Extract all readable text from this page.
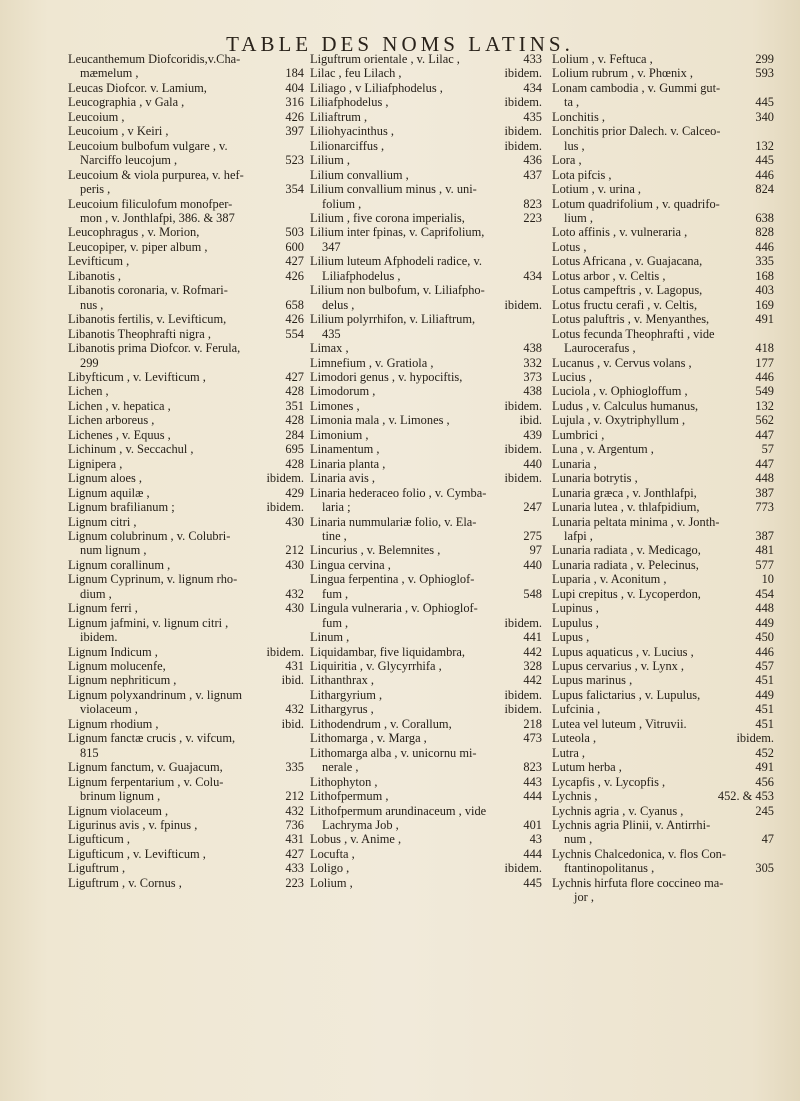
TABLE DES NOMS LATINS.
Leucanthemum Diofcoridis,v.Cha-
mæmelum ,	184
Leucas Diofcor. v. Lamium,	404
Leucographia , v Gala ,	316
Leucoium ,	426
Leucoium , v Keiri ,	397
Leucoium bulbofum vulgare , v.
Narciffo leucojum ,	523
Leucoium & viola purpurea, v. hef-
peris ,	354
Leucoium filiculofum monofper-
mon , v. Jonthlafpi, 386. & 387
Leucophragus , v. Morion,	503
Leucopiper, v. piper album ,	600
Levifticum ,	427
Libanotis ,	426
Libanotis coronaria, v. Rofmari-
nus ,	658
Libanotis fertilis, v. Levifticum,	426
Libanotis Theophrafti nigra ,	554
Libanotis prima Diofcor. v. Ferula,
299
Libyfticum , v. Levifticum ,	427
Lichen ,	428
Lichen , v. hepatica ,	351
Lichen arboreus ,	428
Lichenes , v. Equus ,	284
Lichinum , v. Seccachul ,	695
Lignipera ,	428
Lignum aloes ,	ibidem.
Lignum aquilæ ,	429
Lignum brafilianum ;	ibidem.
Lignum citri ,	430
Lignum colubrinum , v. Colubri-
num lignum ,	212
Lignum corallinum ,	430
Lignum Cyprinum, v. lignum rho-
dium ,	432
Lignum ferri ,	430
Lignum jafmini, v. lignum citri ,
ibidem.
Lignum Indicum ,	ibidem.
Lignum molucenfe,	431
Lignum nephriticum ,	ibid.
Lignum polyxandrinum , v. lignum
violaceum ,	432
Lignum rhodium ,	ibid.
Lignum fanctæ crucis , v. vifcum,
815
Lignum fanctum, v. Guajacum,	335
Lignum ferpentarium , v. Colu-
brinum lignum ,	212
Lignum violaceum ,	432
Ligurinus avis , v. fpinus ,	736
Ligufticum ,	431
Ligufticum , v. Levifticum ,	427
Liguftrum ,	433
Liguftrum , v. Cornus ,	223
Liguftrum orientale , v. Lilac ,	433
Lilac , feu Lilach ,	ibidem.
Liliago , v Liliafphodelus ,	434
Liliafphodelus ,	ibidem.
Liliaftrum ,	435
Liliohyacinthus ,	ibidem.
Lilionarciffus ,	ibidem.
Lilium ,	436
Lilium convallium ,	437
Lilium convallium minus , v. uni-
folium ,	823
Lilium , five corona imperialis,	223
Lilium inter fpinas, v. Caprifolium,
347
Lilium luteum Afphodeli radice, v.
Liliafphodelus ,	434
Lilium non bulbofum, v. Liliafpho-
delus ,	ibidem.
Lilium polyrrhifon, v. Liliaftrum,
435
Limax ,	438
Limnefium , v. Gratiola ,	332
Limodori genus , v. hypociftis,	373
Limodorum ,	438
Limones ,	ibidem.
Limonia mala , v. Limones ,	ibid.
Limonium ,	439
Linamentum ,	ibidem.
Linaria planta ,	440
Linaria avis ,	ibidem.
Linaria hederaceo folio , v. Cymba-
laria ;	247
Linaria nummulariæ folio, v. Ela-
tine ,	275
Lincurius , v. Belemnites ,	97
Lingua cervina ,	440
Lingua ferpentina , v. Ophioglof-
fum ,	548
Lingula vulneraria , v. Ophioglof-
fum ,	ibidem.
Linum ,	441
Liquidambar, five liquidambra,	442
Liquiritia , v. Glycyrrhifa ,	328
Lithanthrax ,	442
Lithargyrium ,	ibidem.
Lithargyrus ,	ibidem.
Lithodendrum , v. Corallum,	218
Lithomarga , v. Marga ,	473
Lithomarga alba , v. unicornu mi-
nerale ,	823
Lithophyton ,	443
Lithofpermum ,	444
Lithofpermum arundinaceum , vide
Lachryma Job ,	401
Lobus , v. Anime ,	43
Locufta ,	444
Loligo ,	ibidem.
Lolium ,	445
Lolium , v. Feftuca ,	299
Lolium rubrum , v. Phœnix ,	593
Lonam cambodia , v. Gummi gut-
ta ,	445
Lonchitis ,	340
Lonchitis prior Dalech. v. Calceo-
lus ,	132
Lora ,	445
Lota pifcis ,	446
Lotium , v. urina ,	824
Lotum quadrifolium , v. quadrifo-
lium ,	638
Loto affinis , v. vulneraria ,	828
Lotus ,	446
Lotus Africana , v. Guajacana,	335
Lotus arbor , v. Celtis ,	168
Lotus campeftris , v. Lagopus,	403
Lotus fructu cerafi , v. Celtis,	169
Lotus paluftris , v. Menyanthes,	491
Lotus fecunda Theophrafti , vide
Laurocerafus ,	418
Lucanus , v. Cervus volans ,	177
Lucius ,	446
Luciola , v. Ophiogloffum ,	549
Ludus , v. Calculus humanus,	132
Lujula , v. Oxytriphyllum ,	562
Lumbrici ,	447
Luna , v. Argentum ,	57
Lunaria ,	447
Lunaria botrytis ,	448
Lunaria græca , v. Jonthlafpi,	387
Lunaria lutea , v. thlafpidium,	773
Lunaria peltata minima , v. Jonth-
lafpi ,	387
Lunaria radiata , v. Medicago,	481
Lunaria radiata , v. Pelecinus,	577
Luparia , v. Aconitum ,	10
Lupi crepitus , v. Lycoperdon,	454
Lupinus ,	448
Lupulus ,	449
Lupus ,	450
Lupus aquaticus , v. Lucius ,	446
Lupus cervarius , v. Lynx ,	457
Lupus marinus ,	451
Lupus falictarius , v. Lupulus,	449
Lufcinia ,	451
Lutea vel luteum , Vitruvii.	451
Luteola ,	ibidem.
Lutra ,	452
Lutum herba ,	491
Lycapfis , v. Lycopfis ,	456
Lychnis ,	452. & 453
Lychnis agria , v. Cyanus ,	245
Lychnis agria Plinii, v. Antirrhi-
num ,	47
Lychnis Chalcedonica, v. flos Con-
ftantinopolitanus ,	305
Lychnis hirfuta flore coccineo ma-
jor ,
